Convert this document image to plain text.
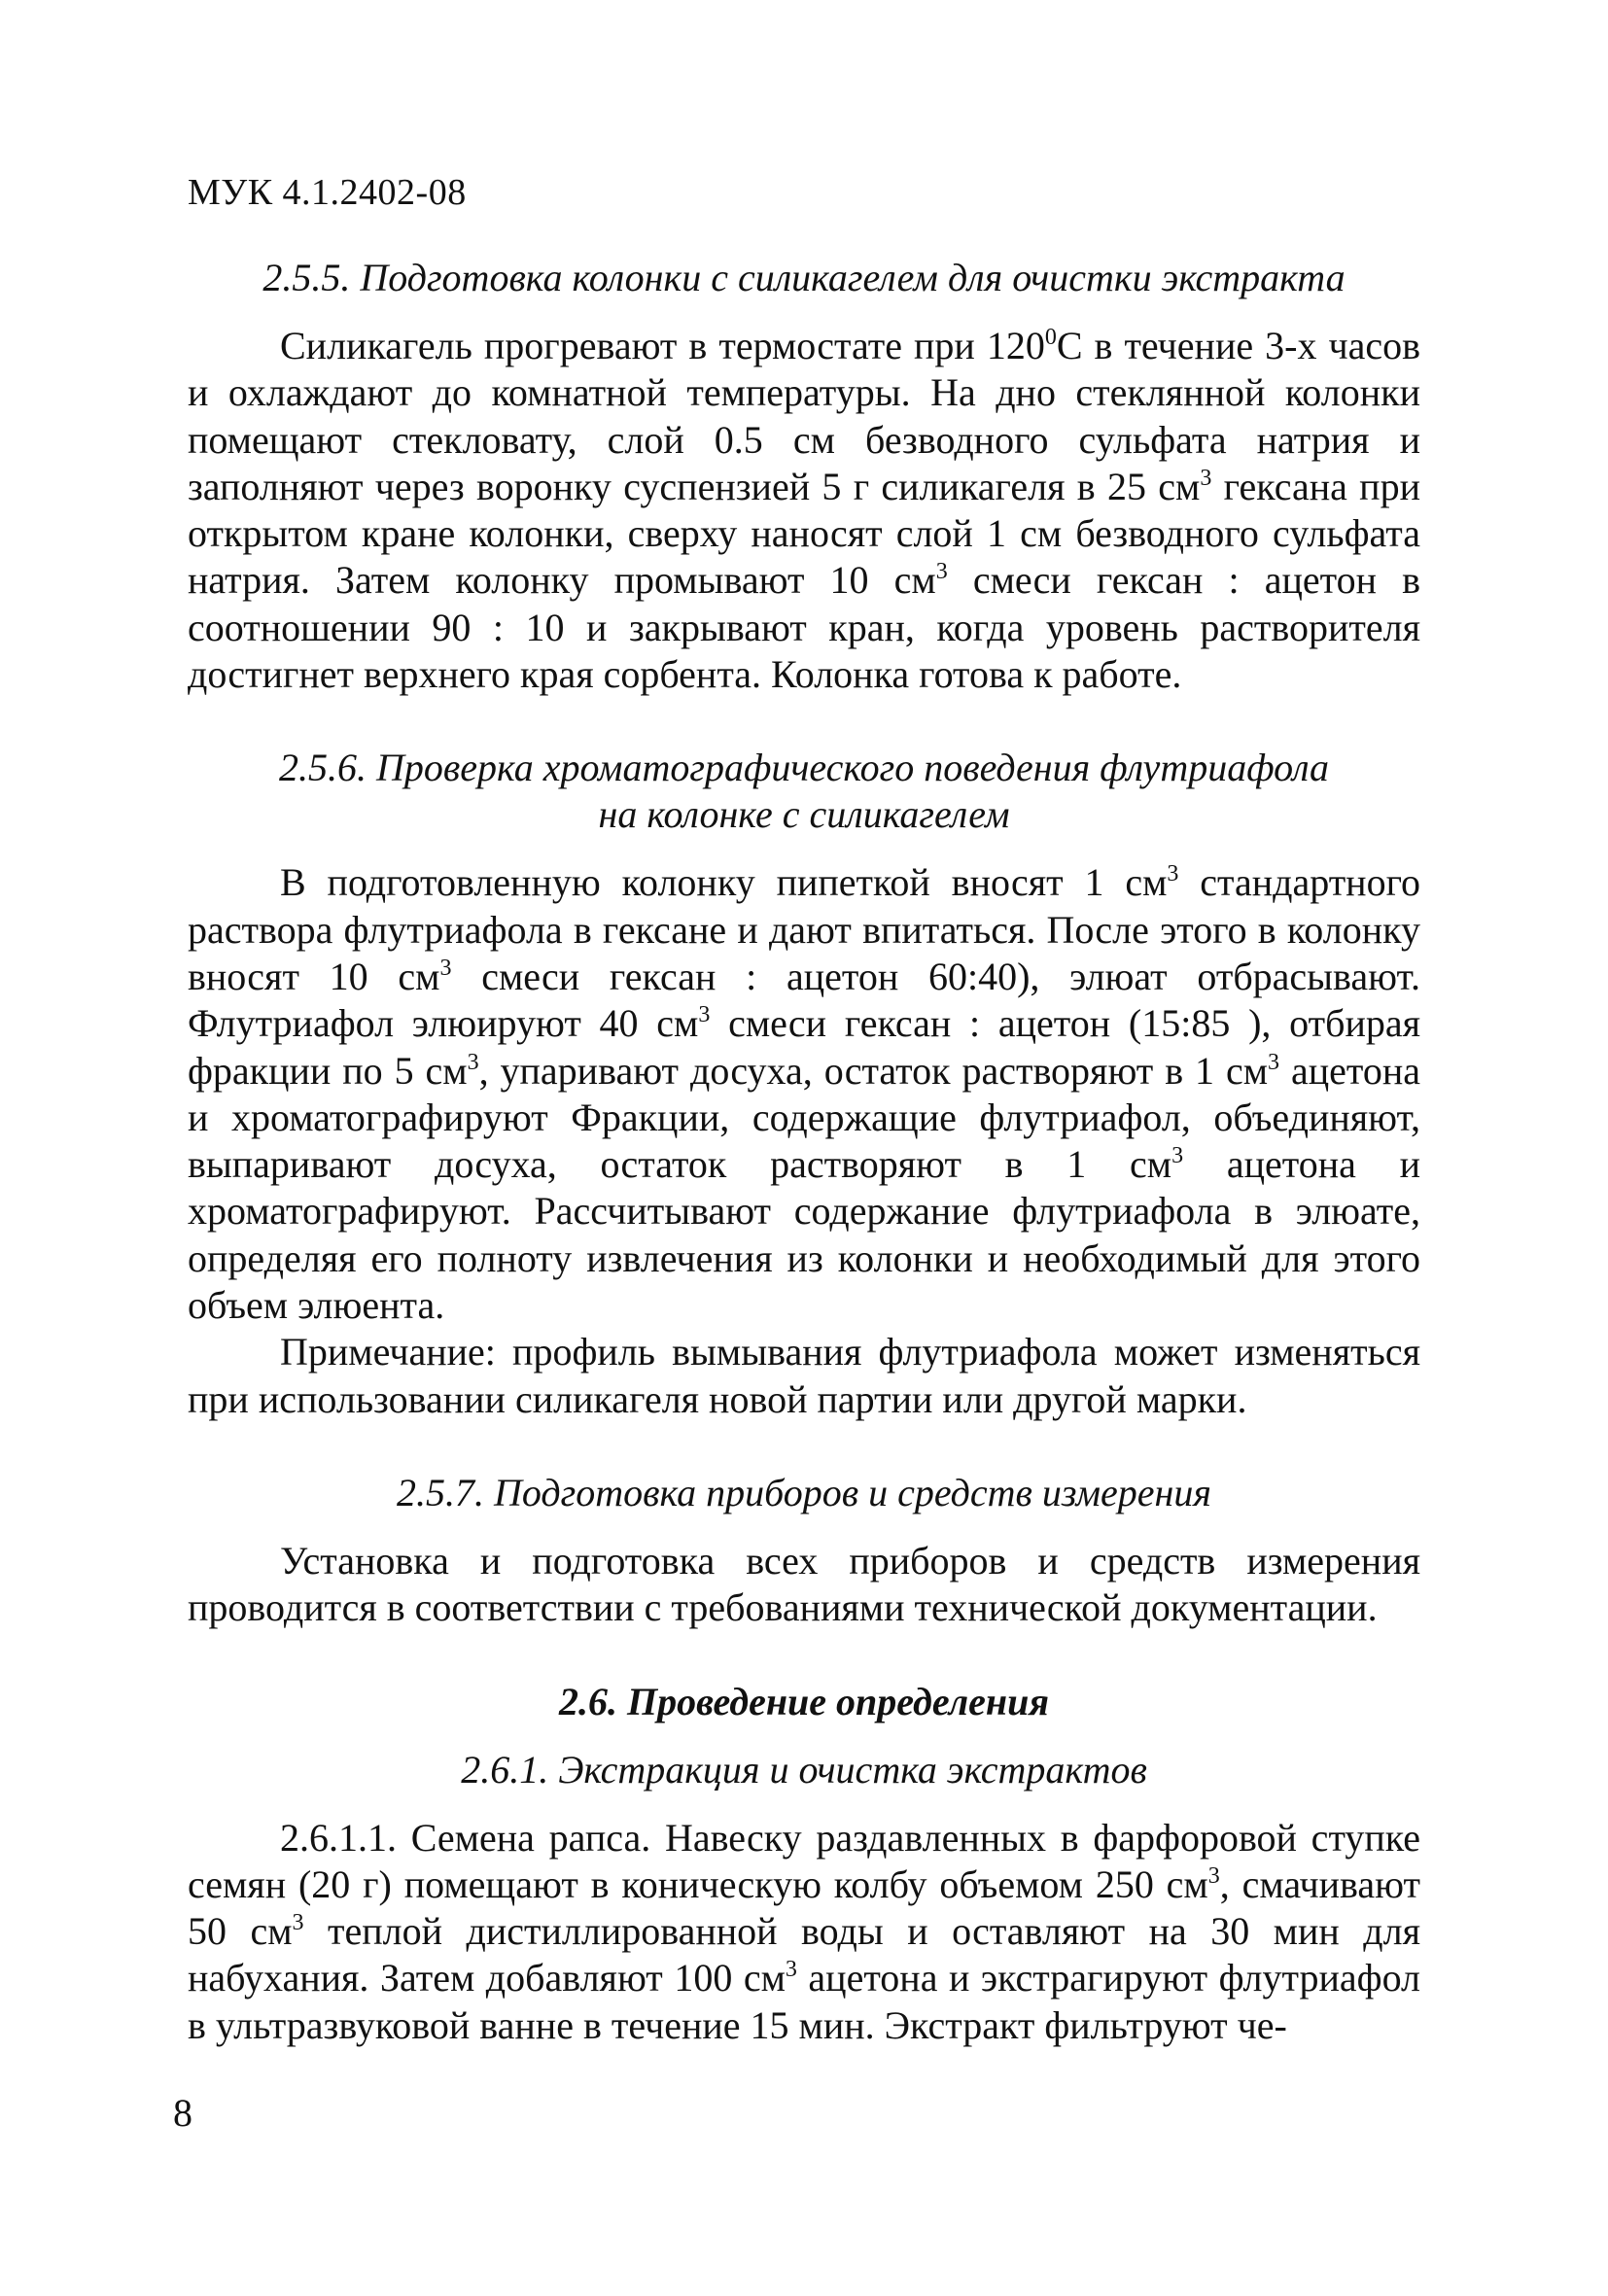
МУК 4.1.2402-08

2.5.5. Подготовка колонки с силикагелем для очистки экстракта

Силикагель прогревают в термостате при $120^0С$ в течение 3-х часов и охлаждают до комнатной температуры. На дно стеклянной колонки помещают стекловату, слой 0.5 см безводного сульфата натрия и заполняют через воронку суспензией 5 г силикагеля в 25 $см^3$ гексана при открытом кране колонки, сверху наносят слой 1 см безводного сульфата натрия. Затем колонку промывают 10 $см^3$ смеси гексан : ацетон в соотношении 90 : 10 и закрывают кран, когда уровень растворителя достигнет верхнего края сорбента. Колонка готова к работе.

2.5.6. Проверка хроматографического поведения флутриафола
на колонке с силикагелем

В подготовленную колонку пипеткой вносят 1 $см^3$ стандартного раствора флутриафола в гексане и дают впитаться. После этого в колонку вносят 10 $см^3$ смеси гексан : ацетон 60:40), элюат отбрасывают. Флутриафол элюируют 40 $см^3$ смеси гексан : ацетон (15:85 ), отбирая фракции по 5 $см^3$, упаривают досуха, остаток растворяют в 1 $см^3$ ацетона и хроматографируют Фракции, содержащие флутриафол, объединяют, выпаривают досуха, остаток растворяют в 1 $см^3$ ацетона и хроматографируют. Рассчитывают содержание флутриафола в элюате, определяя его полноту извлечения из колонки и необходимый для этого объем элюента.

Примечание: профиль вымывания флутриафола может изменяться при использовании силикагеля новой партии или другой марки.

2.5.7. Подготовка приборов и средств измерения

Установка и подготовка всех приборов и средств измерения проводится в соответствии с требованиями технической документации.

2.6. Проведение определения

2.6.1. Экстракция и очистка экстрактов

2.6.1.1. Семена рапса. Навеску раздавленных в фарфоровой ступке семян (20 г) помещают в коническую колбу объемом 250 $см^3$, смачивают 50 $см^3$ теплой дистиллированной воды и оставляют на 30 мин для набухания. Затем добавляют 100 $см^3$ ацетона и экстрагируют флутриафол в ультразвуковой ванне в течение 15 мин. Экстракт фильтруют че-

8
